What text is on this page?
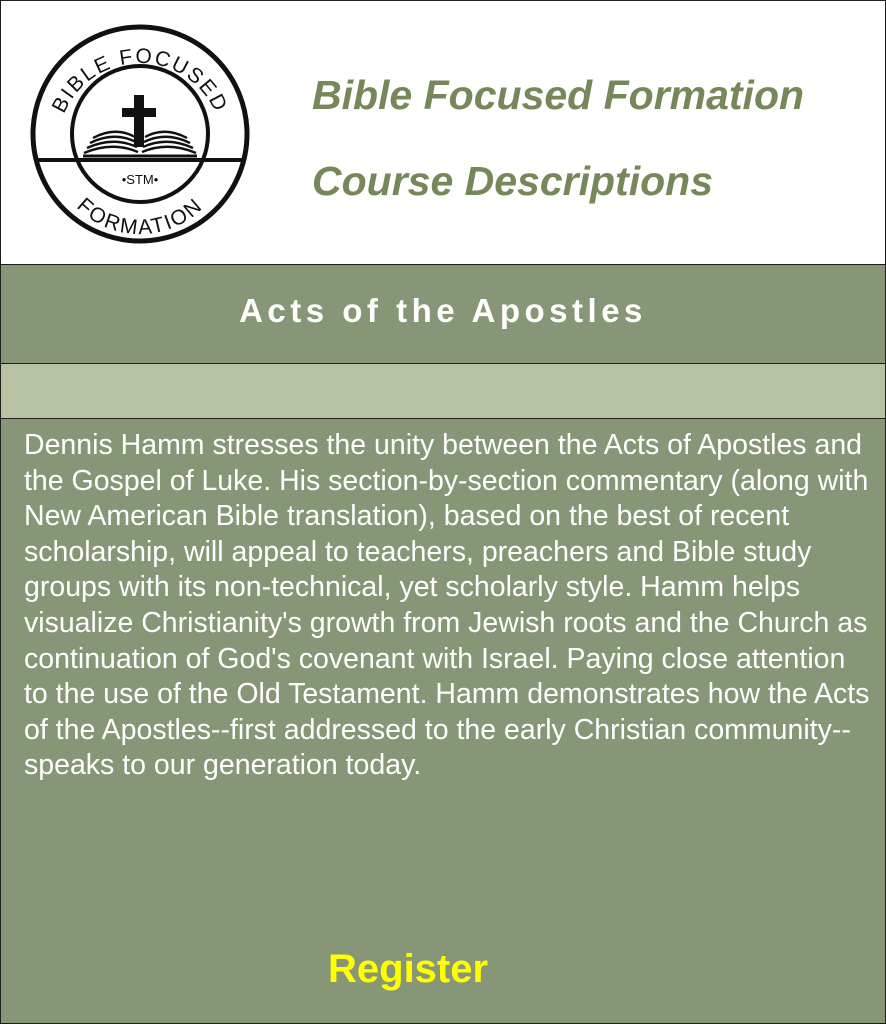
BIBLE FOCUSED
FORMATION
•STM•
Bible Focused Formation
Course Descriptions
Acts of the Apostles

Dennis Hamm stresses the unity between the Acts of Apostles and the Gospel of Luke. His section-by-section commentary (along with New American Bible translation), based on the best of recent scholarship, will appeal to teachers, preachers and Bible study groups with its non-technical, yet scholarly style. Hamm helps visualize Christianity's growth from Jewish roots and the Church as continuation of God's covenant with Israel. Paying close attention to the use of the Old Testament. Hamm demonstrates how the Acts of the Apostles--first addressed to the early Christian community--speaks to our generation today.

Register
